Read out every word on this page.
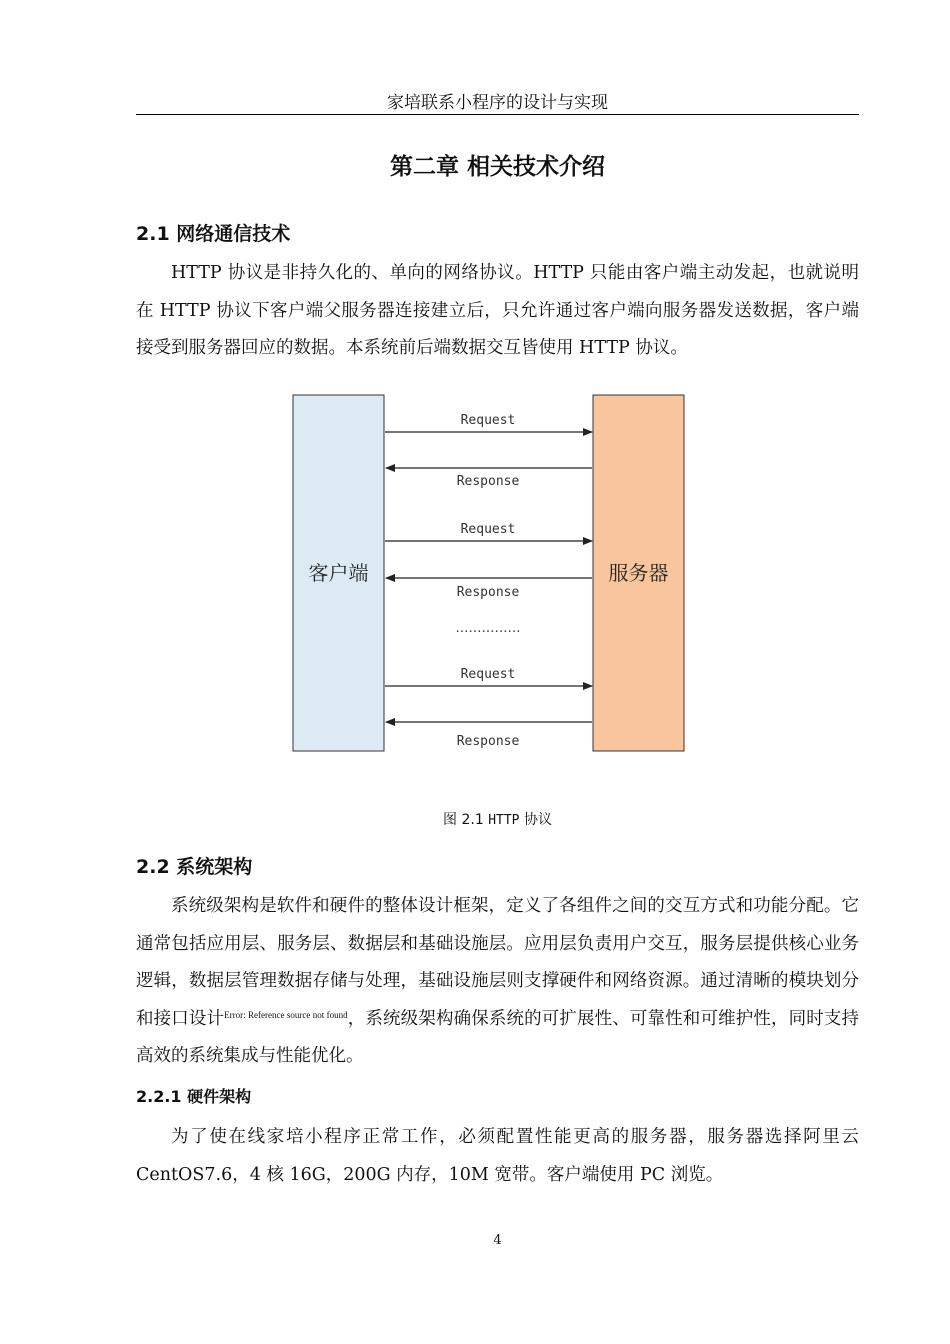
家培联系小程序的设计与实现
第二章 相关技术介绍
2.1 网络通信技术

HTTP 协议是非持久化的、单向的网络协议。HTTP 只能由客户端主动发起，也就说明在 HTTP 协议下客户端父服务器连接建立后，只允许通过客户端向服务器发送数据，客户端接受到服务器回应的数据。本系统前后端数据交互皆使用 HTTP 协议。

客户端	服务器
Request
Response
Request
Response
……………
Request
Response
图 2.1 HTTP 协议
2.2 系统架构

系统级架构是软件和硬件的整体设计框架，定义了各组件之间的交互方式和功能分配。它通常包括应用层、服务层、数据层和基础设施层。应用层负责用户交互，服务层提供核心业务逻辑，数据层管理数据存储与处理，基础设施层则支撑硬件和网络资源。通过清晰的模块划分和接口设计$^{Error: Reference source not found}$，系统级架构确保系统的可扩展性、可靠性和可维护性，同时支持高效的系统集成与性能优化。

2.2.1 硬件架构

为了使在线家培小程序正常工作，必须配置性能更高的服务器，服务器选择阿里云 CentOS7.6，4 核 16G，200G 内存，10M 宽带。客户端使用 PC 浏览。

4
